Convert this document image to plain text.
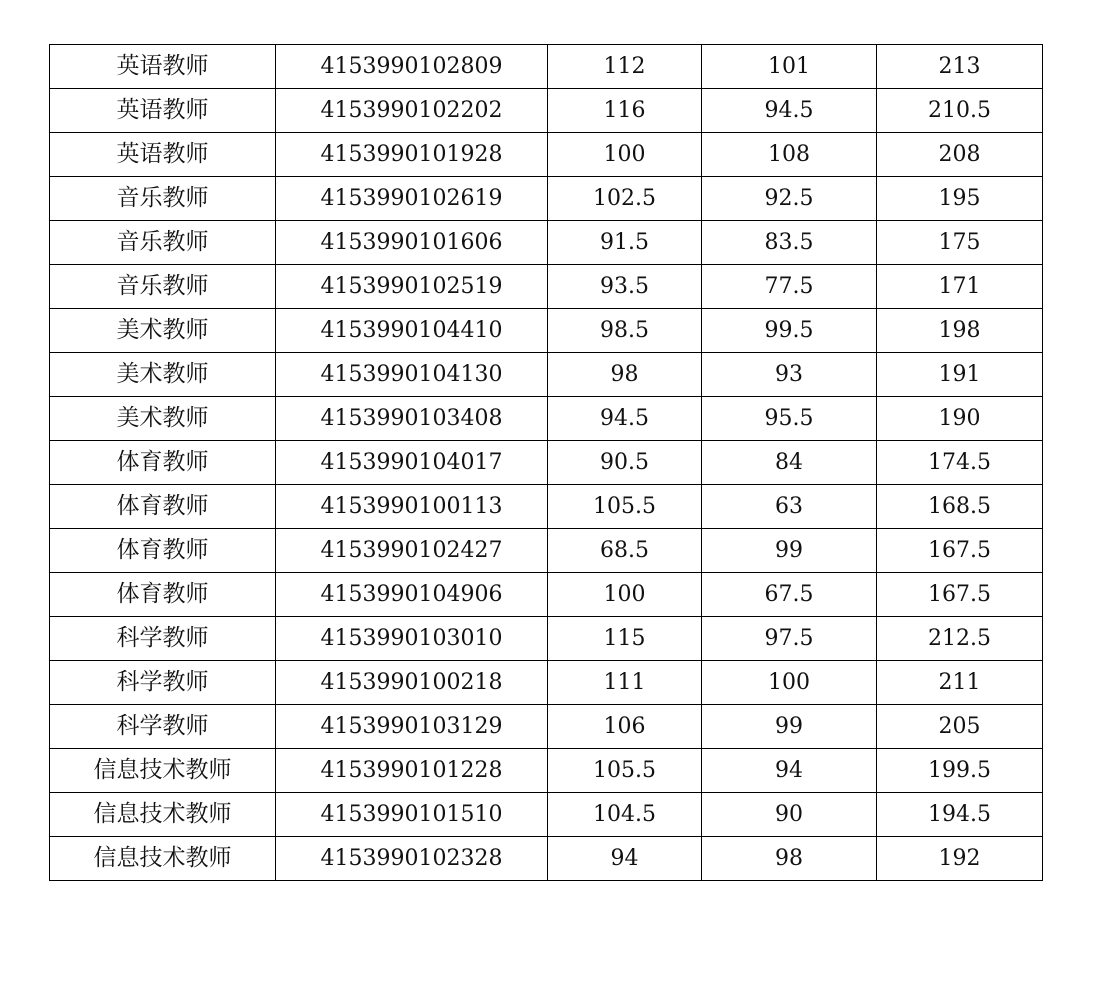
英语教师	4153990102809	112	101	213
英语教师	4153990102202	116	94.5	210.5
英语教师	4153990101928	100	108	208
音乐教师	4153990102619	102.5	92.5	195
音乐教师	4153990101606	91.5	83.5	175
音乐教师	4153990102519	93.5	77.5	171
美术教师	4153990104410	98.5	99.5	198
美术教师	4153990104130	98	93	191
美术教师	4153990103408	94.5	95.5	190
体育教师	4153990104017	90.5	84	174.5
体育教师	4153990100113	105.5	63	168.5
体育教师	4153990102427	68.5	99	167.5
体育教师	4153990104906	100	67.5	167.5
科学教师	4153990103010	115	97.5	212.5
科学教师	4153990100218	111	100	211
科学教师	4153990103129	106	99	205
信息技术教师	4153990101228	105.5	94	199.5
信息技术教师	4153990101510	104.5	90	194.5
信息技术教师	4153990102328	94	98	192
